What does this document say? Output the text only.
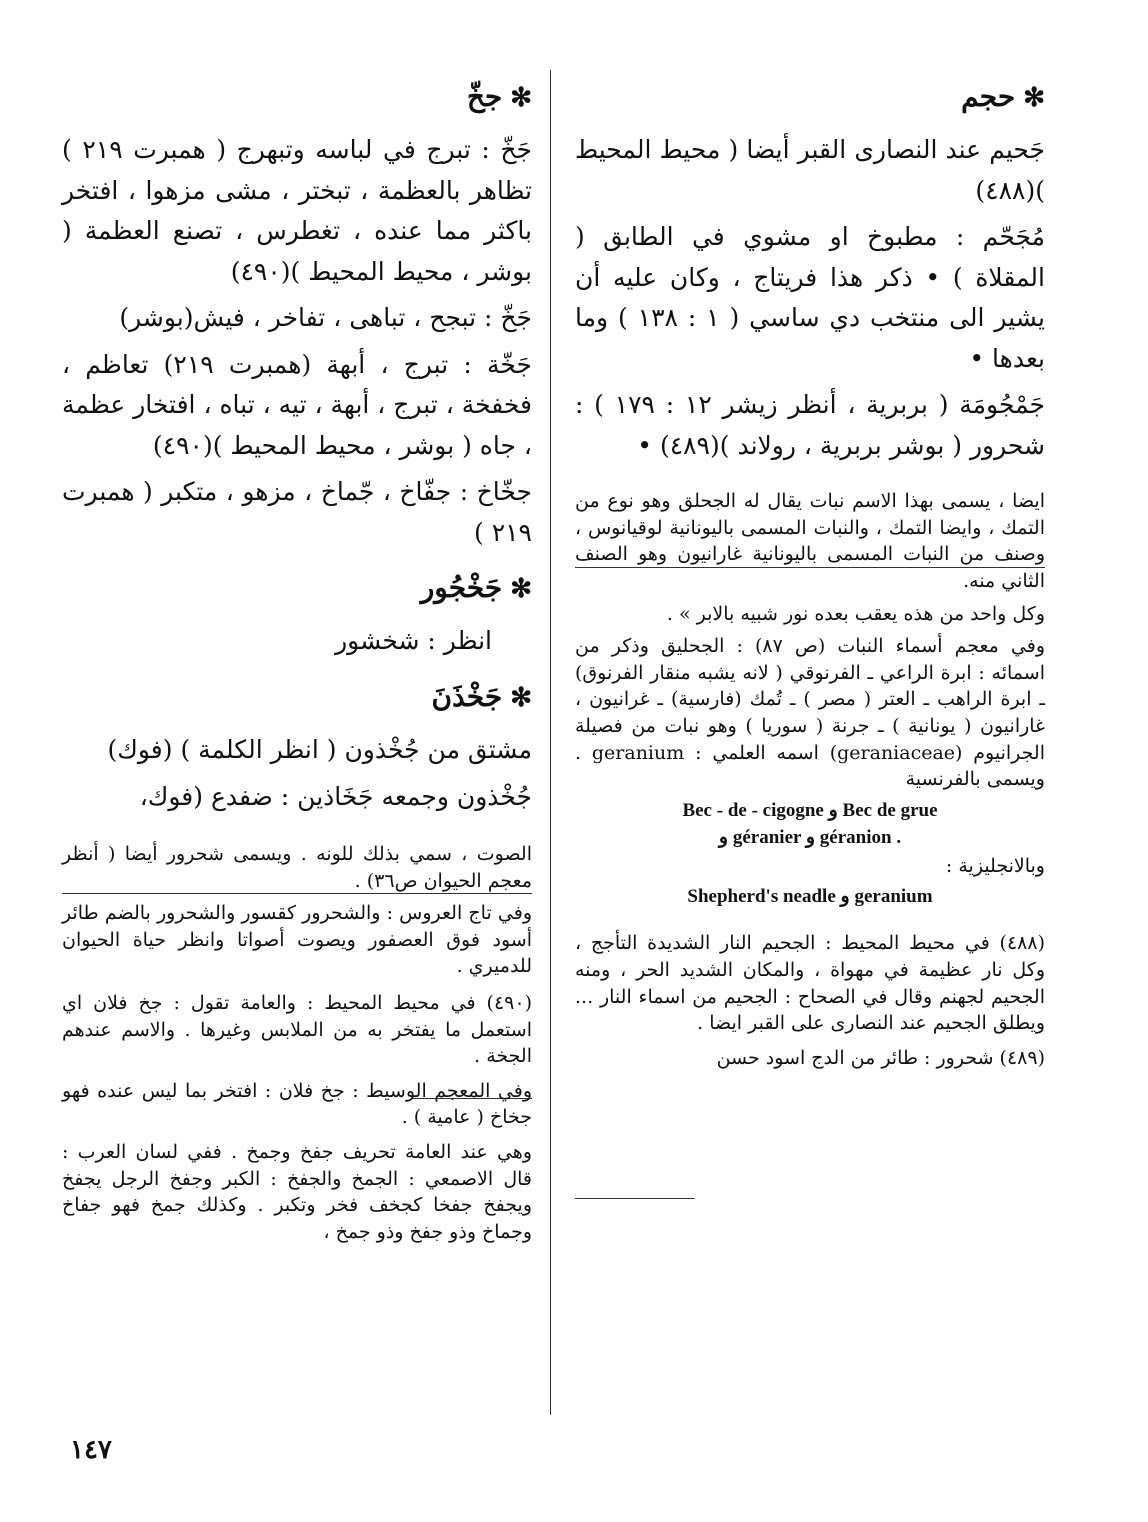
✻حجم

جَحيم عند النصارى القبر أيضا ( محيط المحيط )(٤٨٨)

مُجَحّم : مطبوخ او مشوي في الطابق ( المقلاة ) • ذكر هذا فريتاج ، وكان عليه أن يشير الى منتخب دي ساسي ( ١ : ١٣٨ ) وما بعدها •

جَمْجُومَة ( بربرية ، أنظر زيشر ١٢ : ١٧٩ ) : شحرور ( بوشر بربرية ، رولاند )(٤٨٩) •

ايضا ، يسمى بهذا الاسم نبات يقال له الجحلق وهو نوع من التمك ، وايضا التمك ، والنبات المسمى باليونانية لوقيانوس ، وصنف من النبات المسمى باليونانية غارانيون وهو الصنف الثاني منه.

وكل واحد من هذه يعقب بعده نور شبيه بالابر » .

وفي معجم أسماء النبات (ص ٨٧) : الجحليق وذكر من اسمائه : ابرة الراعي ـ الفرنوقي ( لانه يشبه منقار الفرنوق) ـ ابرة الراهب ـ العتر ( مصر ) ـ تُمك (فارسية) ـ غرانيون ، غارانيون ( يونانية ) ـ جرنة ( سوريا ) وهو نبات من فصيلة الجرانيوم (geraniaceae) اسمه العلمي : geranium . ويسمى بالفرنسية

Bec - de - cigogne و Bec de grue
و géranier و géranion .

وبالانجليزية :

Shepherd's neadle و geranium

(٤٨٨) في محيط المحيط : الجحيم النار الشديدة التأجج ، وكل نار عظيمة في مهواة ، والمكان الشديد الحر ، ومنه الجحيم لجهنم وقال في الصحاح : الجحيم من اسماء النار ... ويطلق الجحيم عند النصارى على القبر ايضا .

(٤٨٩) شحرور : طائر من الدج اسود حسن

✻جخّ

جَخّ : تبرج في لباسه وتبهرج ( همبرت ٢١٩ ) تظاهر بالعظمة ، تبختر ، مشى مزهوا ، افتخر باكثر مما عنده ، تغطرس ، تصنع العظمة ( بوشر ، محيط المحيط )(٤٩٠)

جَخّ : تبجح ، تباهى ، تفاخر ، فيش(بوشر)

جَخّة : تبرج ، أبهة (همبرت ٢١٩) تعاظم ، فخفخة ، تبرج ، أبهة ، تيه ، تباه ، افتخار عظمة ، جاه ( بوشر ، محيط المحيط )(٤٩٠)

جخّاخ : جفّاخ ، جّماخ ، مزهو ، متكبر ( همبرت ٢١٩ )

✻جَخْجُور

انظر : شخشور

✻جَخْذَنَ

مشتق من جُخْذون ( انظر الكلمة ) (فوك)

جُخْذون وجمعه جَخَاذين : ضفدع (فوك،

الصوت ، سمي بذلك للونه . ويسمى شحرور أيضا ( أنظر معجم الحيوان ص٣٦) .

وفي تاج العروس : والشحرور كقسور والشحرور بالضم طائر أسود فوق العصفور ويصوت أصواتا وانظر حياة الحيوان للدميري .

(٤٩٠) في محيط المحيط : والعامة تقول : جخ فلان اي استعمل ما يفتخر به من الملابس وغيرها . والاسم عندهم الجخة .

وفي المعجم الوسيط : جخ فلان : افتخر بما ليس عنده فهو جخاخ ( عامية ) .

وهي عند العامة تحريف جفخ وجمخ . ففي لسان العرب : قال الاصمعي : الجمخ والجفخ : الكبر وجفخ الرجل يجفخ ويجفخ جفخا كجخف فخر وتكبر . وكذلك جمخ فهو جفاخ وجماخ وذو جفخ وذو جمخ ،

١٤٧
